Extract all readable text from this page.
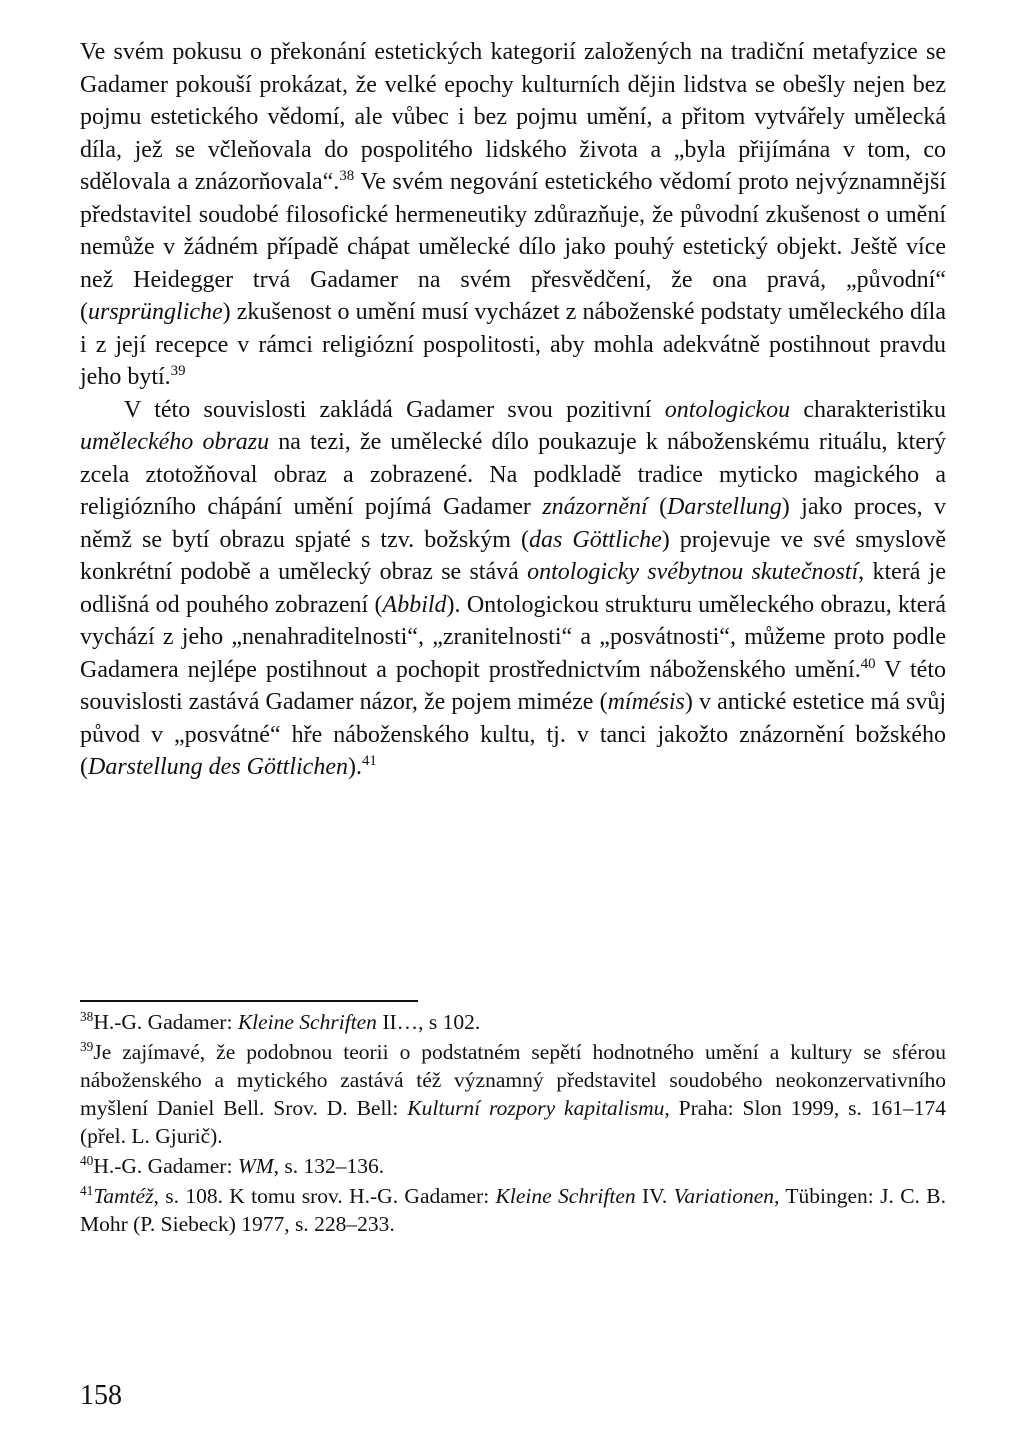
Ve svém pokusu o překonání estetických kategorií založených na tradiční metafyzice se Gadamer pokouší prokázat, že velké epochy kulturních dějin lidstva se obešly nejen bez pojmu estetického vědomí, ale vůbec i bez pojmu umění, a přitom vytvářely umělecká díla, jež se včleňovala do pospolitého lidského života a „byla přijímána v tom, co sdělovala a znázorňovala“.$^{38}$ Ve svém negování estetického vědomí proto nejvýznamnější představitel soudobé filosofické hermeneutiky zdůrazňuje, že původní zkušenost o umění nemůže v žádném případě chápat umělecké dílo jako pouhý estetický objekt. Ještě více než Heidegger trvá Gadamer na svém přesvědčení, že ona pravá, „původní“ (ursprüngliche) zkušenost o umění musí vycházet z náboženské podstaty uměleckého díla i z její recepce v rámci religiózní pospolitosti, aby mohla adekvátně postihnout pravdu jeho bytí.$^{39}$

V této souvislosti zakládá Gadamer svou pozitivní ontologickou charakteristiku uměleckého obrazu na tezi, že umělecké dílo poukazuje k náboženskému rituálu, který zcela ztotožňoval obraz a zobrazené. Na podkladě tradice myticko magického a religiózního chápání umění pojímá Gadamer znázornění (Darstellung) jako proces, v němž se bytí obrazu spjaté s tzv. božským (das Göttliche) projevuje ve své smyslově konkrétní podobě a umělecký obraz se stává ontologicky svébytnou skutečností, která je odlišná od pouhého zobrazení (Abbild). Ontologickou strukturu uměleckého obrazu, která vychází z jeho „nenahraditelnosti“, „zranitelnosti“ a „posvátnosti“, můžeme proto podle Gadamera nejlépe postihnout a pochopit prostřednictvím náboženského umění.$^{40}$ V této souvislosti zastává Gadamer názor, že pojem miméze (mímésis) v antické estetice má svůj původ v „posvátné“ hře náboženského kultu, tj. v tanci jakožto znázornění božského (Darstellung des Göttlichen).$^{41}$

$^{38}$H.-G. Gadamer: Kleine Schriften II…, s 102.
$^{39}$Je zajímavé, že podobnou teorii o podstatném sepětí hodnotného umění a kultury se sférou náboženského a mytického zastává též významný představitel soudobého neokonzervativního myšlení Daniel Bell. Srov. D. Bell: Kulturní rozpory kapitalismu, Praha: Slon 1999, s. 161–174 (přel. L. Gjurič).
$^{40}$H.-G. Gadamer: WM, s. 132–136.
$^{41}$Tamtéž, s. 108. K tomu srov. H.-G. Gadamer: Kleine Schriften IV. Variationen, Tübingen: J. C. B. Mohr (P. Siebeck) 1977, s. 228–233.
158
